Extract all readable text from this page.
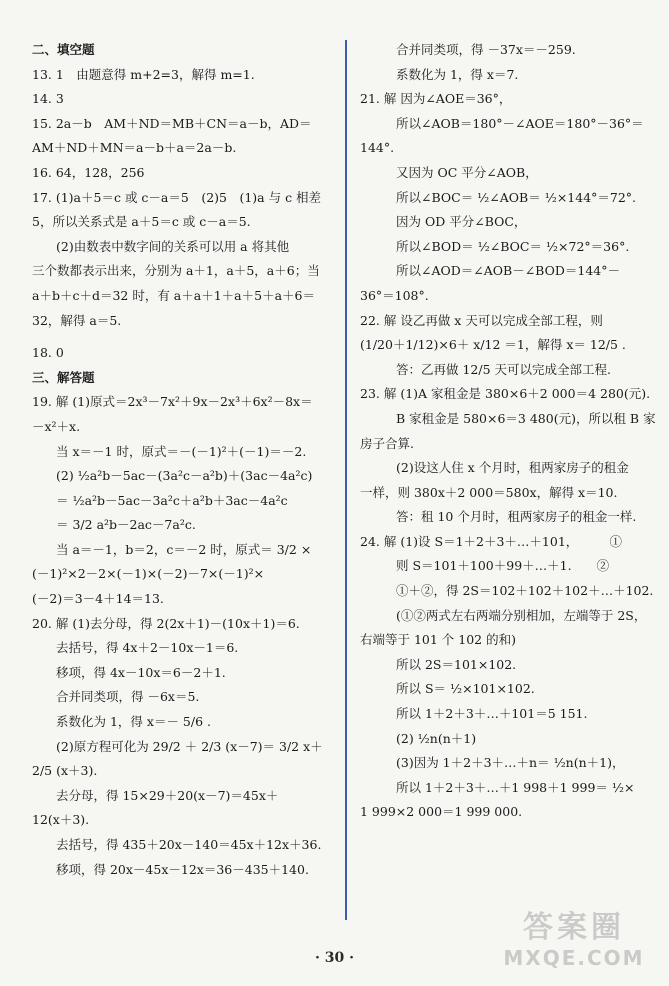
二、填空题
13. 1　由题意得 m+2=3，解得 m=1.
14. 3
15. 2a－b　AM＋ND＝MB＋CN＝a－b，AD＝
AM＋ND＋MN＝a－b＋a＝2a－b.
16. 64，128，256
17. (1)a＋5＝c 或 c－a＝5　(2)5　(1)a 与 c 相差
5，所以关系式是 a＋5＝c 或 c－a＝5.
(2)由数表中数字间的关系可以用 a 将其他
三个数都表示出来，分别为 a＋1，a＋5，a＋6；当
a＋b＋c＋d＝32 时，有 a＋a＋1＋a＋5＋a＋6＝
32，解得 a＝5.
18. 0
三、解答题
19. 解 (1)原式＝2x³－7x²＋9x－2x³＋6x²－8x＝
－x²＋x.
当 x＝－1 时，原式＝－(－1)²＋(－1)＝－2.
(2) ½a²b－5ac－(3a²c－a²b)＋(3ac－4a²c)
＝ ½a²b－5ac－3a²c＋a²b＋3ac－4a²c
＝ 3/2 a²b－2ac－7a²c.
当 a＝－1，b＝2，c＝－2 时，原式＝ 3/2 ×
(－1)²×2－2×(－1)×(－2)－7×(－1)²×
(－2)＝3－4＋14＝13.
20. 解 (1)去分母，得 2(2x＋1)－(10x＋1)＝6.
去括号，得 4x＋2－10x－1＝6.
移项，得 4x－10x＝6－2＋1.
合并同类项，得 －6x＝5.
系数化为 1，得 x＝－ 5/6 .
(2)原方程可化为 29/2 ＋ 2/3 (x－7)＝ 3/2 x＋
2/5 (x＋3).
去分母，得 15×29＋20(x－7)＝45x＋
12(x＋3).
去括号，得 435＋20x－140＝45x＋12x＋36.
移项，得 20x－45x－12x＝36－435＋140.
合并同类项，得 －37x＝－259.
系数化为 1，得 x＝7.
21. 解 因为∠AOE＝36°，
所以∠AOB＝180°－∠AOE＝180°－36°＝
144°.
又因为 OC 平分∠AOB，
所以∠BOC＝ ½∠AOB＝ ½×144°＝72°.
因为 OD 平分∠BOC，
所以∠BOD＝ ½∠BOC＝ ½×72°＝36°.
所以∠AOD＝∠AOB－∠BOD＝144°－
36°＝108°.
22. 解 设乙再做 x 天可以完成全部工程，则
(1/20＋1/12)×6＋ x/12 ＝1，解得 x＝ 12/5 .
答：乙再做 12/5 天可以完成全部工程.
23. 解 (1)A 家租金是 380×6＋2 000＝4 280(元).
B 家租金是 580×6＝3 480(元)，所以租 B 家
房子合算.
(2)设这人住 x 个月时，租两家房子的租金
一样，则 380x＋2 000＝580x，解得 x＝10.
答：租 10 个月时，租两家房子的租金一样.
24. 解 (1)设 S＝1＋2＋3＋…＋101，　　　①
则 S＝101＋100＋99＋…＋1.　　②
①＋②，得 2S＝102＋102＋102＋…＋102.
(①②两式左右两端分别相加，左端等于 2S，
右端等于 101 个 102 的和)
所以 2S＝101×102.
所以 S＝ ½×101×102.
所以 1＋2＋3＋…＋101＝5 151.
(2) ½n(n＋1)
(3)因为 1＋2＋3＋…＋n＝ ½n(n＋1)，
所以 1＋2＋3＋…＋1 998＋1 999＝ ½×
1 999×2 000＝1 999 000.
· 30 ·
答案圈
MXQE.COM
